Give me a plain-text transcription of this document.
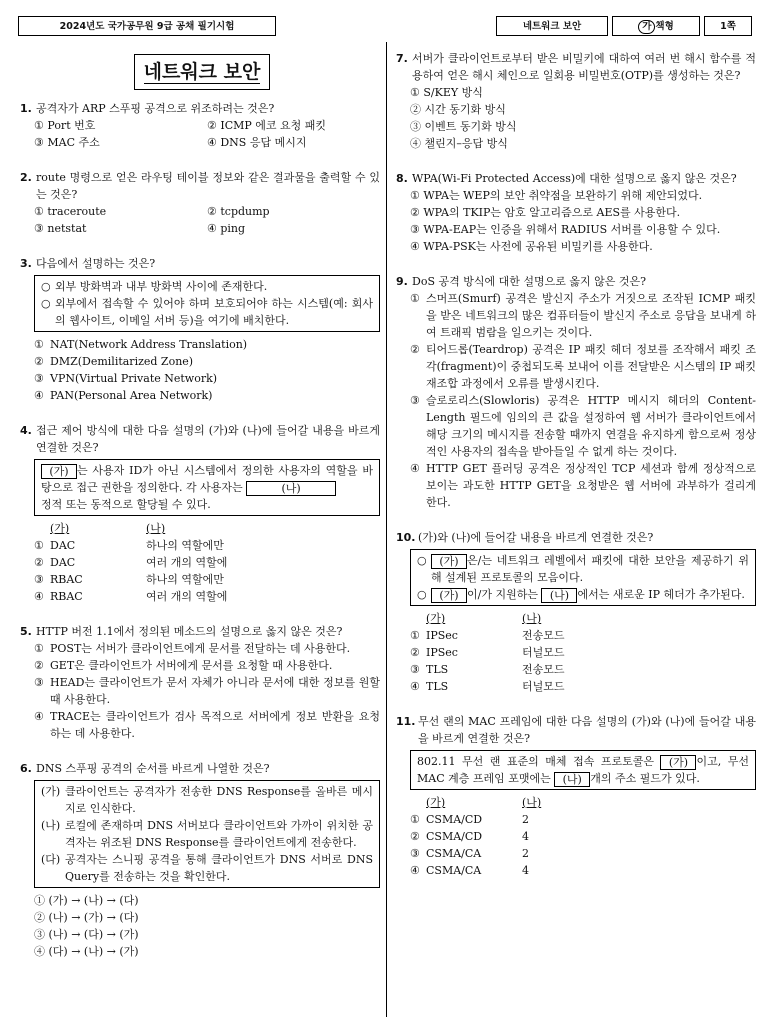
2024년도 국가공무원 9급 공채 필기시험	네트워크 보안	가 책형	1쪽
네트워크 보안
1. 공격자가 ARP 스푸핑 공격으로 위조하려는 것은?
① Port 번호	② ICMP 에코 요청 패킷
③ MAC 주소	④ DNS 응답 메시지
2. route 명령으로 얻은 라우팅 테이블 정보와 같은 결과물을 출력할 수 있는 것은?
① traceroute	② tcpdump
③ netstat	④ ping
3. 다음에서 설명하는 것은?
○ 외부 방화벽과 내부 방화벽 사이에 존재한다.
○ 외부에서 접속할 수 있어야 하며 보호되어야 하는 시스템(예: 회사의 웹사이트, 이메일 서버 등)을 여기에 배치한다.
① NAT(Network Address Translation)
② DMZ(Demilitarized Zone)
③ VPN(Virtual Private Network)
④ PAN(Personal Area Network)
4. 접근 제어 방식에 대한 다음 설명의 (가)와 (나)에 들어갈 내용을 바르게 연결한 것은?
(가) 는 사용자 ID가 아닌 시스템에서 정의한 사용자의 역할을 바탕으로 접근 권한을 정의한다. 각 사용자는	(나)
정적 또는 동적으로 할당될 수 있다.
(가)	(나)
① DAC	하나의 역할에만
② DAC	여러 개의 역할에
③ RBAC	하나의 역할에만
④ RBAC	여러 개의 역할에
5. HTTP 버전 1.1에서 정의된 메소드의 설명으로 옳지 않은 것은?
① POST는 서버가 클라이언트에게 문서를 전달하는 데 사용한다.
② GET은 클라이언트가 서버에게 문서를 요청할 때 사용한다.
③ HEAD는 클라이언트가 문서 자체가 아니라 문서에 대한 정보를 원할 때 사용한다.
④ TRACE는 클라이언트가 검사 목적으로 서버에게 정보 반환을 요청하는 데 사용한다.
6. DNS 스푸핑 공격의 순서를 바르게 나열한 것은?
(가) 클라이언트는 공격자가 전송한 DNS Response를 올바른 메시지로 인식한다.
(나) 로컬에 존재하며 DNS 서버보다 클라이언트와 가까이 위치한 공격자는 위조된 DNS Response를 클라이언트에게 전송한다.
(다) 공격자는 스니핑 공격을 통해 클라이언트가 DNS 서버로 DNS Query를 전송하는 것을 확인한다.
① (가) → (나) → (다)
② (나) → (가) → (다)
③ (나) → (다) → (가)
④ (다) → (나) → (가)
7. 서버가 클라이언트로부터 받은 비밀키에 대하여 여러 번 해시 함수를 적용하여 얻은 해시 체인으로 일회용 비밀번호(OTP)를 생성하는 것은?
① S/KEY 방식
② 시간 동기화 방식
③ 이벤트 동기화 방식
④ 챌린지–응답 방식
8. WPA(Wi-Fi Protected Access)에 대한 설명으로 옳지 않은 것은?
① WPA는 WEP의 보안 취약점을 보완하기 위해 제안되었다.
② WPA의 TKIP는 암호 알고리즘으로 AES를 사용한다.
③ WPA-EAP는 인증을 위해서 RADIUS 서버를 이용할 수 있다.
④ WPA-PSK는 사전에 공유된 비밀키를 사용한다.
9. DoS 공격 방식에 대한 설명으로 옳지 않은 것은?
① 스머프(Smurf) 공격은 발신지 주소가 거짓으로 조작된 ICMP 패킷을 받은 네트워크의 많은 컴퓨터들이 발신지 주소로 응답을 보내게 하여 트래픽 범람을 일으키는 것이다.
② 티어드롭(Teardrop) 공격은 IP 패킷 헤더 정보를 조작해서 패킷 조각(fragment)이 중첩되도록 보내어 이를 전달받은 시스템의 IP 패킷 재조합 과정에서 오류를 발생시킨다.
③ 슬로로리스(Slowloris) 공격은 HTTP 메시지 헤더의 Content-Length 필드에 임의의 큰 값을 설정하여 웹 서버가 클라이언트에서 해당 크기의 메시지를 전송할 때까지 연결을 유지하게 함으로써 정상적인 사용자의 접속을 받아들일 수 없게 하는 것이다.
④ HTTP GET 플러딩 공격은 정상적인 TCP 세션과 함께 정상적으로 보이는 과도한 HTTP GET을 요청받은 웹 서버에 과부하가 걸리게 한다.
10. (가)와 (나)에 들어갈 내용을 바르게 연결한 것은?
○	(가) 은/는 네트워크 레벨에서 패킷에 대한 보안을 제공하기 위해 설계된 프로토콜의 모음이다.
○	(가) 이/가 지원하는 (나) 에서는 새로운 IP 헤더가 추가된다.
(가)	(나)
① IPSec	전송모드
② IPSec	터널모드
③ TLS	전송모드
④ TLS	터널모드
11. 무선 랜의 MAC 프레임에 대한 다음 설명의 (가)와 (나)에 들어갈 내용을 바르게 연결한 것은?
802.11 무선 랜 표준의 매체 접속 프로토콜은 (가) 이고, 무선 MAC 계층 프레임 포맷에는 (나) 개의 주소 필드가 있다.
(가)	(나)
① CSMA/CD	2
② CSMA/CD	4
③ CSMA/CA	2
④ CSMA/CA	4
